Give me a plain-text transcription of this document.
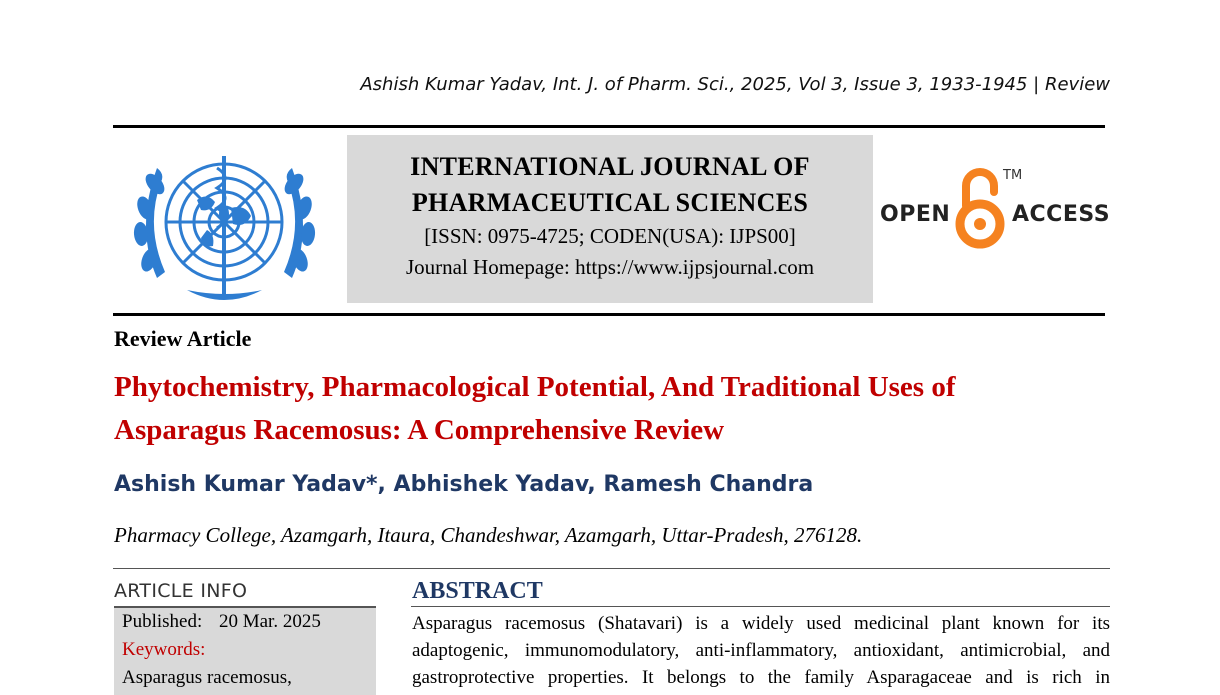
Ashish Kumar Yadav, Int. J. of Pharm. Sci., 2025, Vol 3, Issue 3, 1933-1945 | Review
INTERNATIONAL JOURNAL OF
PHARMACEUTICAL SCIENCES
[ISSN: 0975-4725; CODEN(USA): IJPS00]
Journal Homepage: https://www.ijpsjournal.com
OPEN
TM
ACCESS
Review Article
Phytochemistry, Pharmacological Potential, And Traditional Uses of
Asparagus Racemosus: A Comprehensive Review
Ashish Kumar Yadav*, Abhishek Yadav, Ramesh Chandra
Pharmacy College, Azamgarh, Itaura, Chandeshwar, Azamgarh, Uttar-Pradesh, 276128.
ARTICLE INFO
Published: 20 Mar. 2025
Keywords:
Asparagus racemosus,
ABSTRACT
Asparagus racemosus (Shatavari) is a widely used medicinal plant known for its
adaptogenic, immunomodulatory, anti-inflammatory, antioxidant, antimicrobial, and
gastroprotective properties. It belongs to the family Asparagaceae and is rich in
